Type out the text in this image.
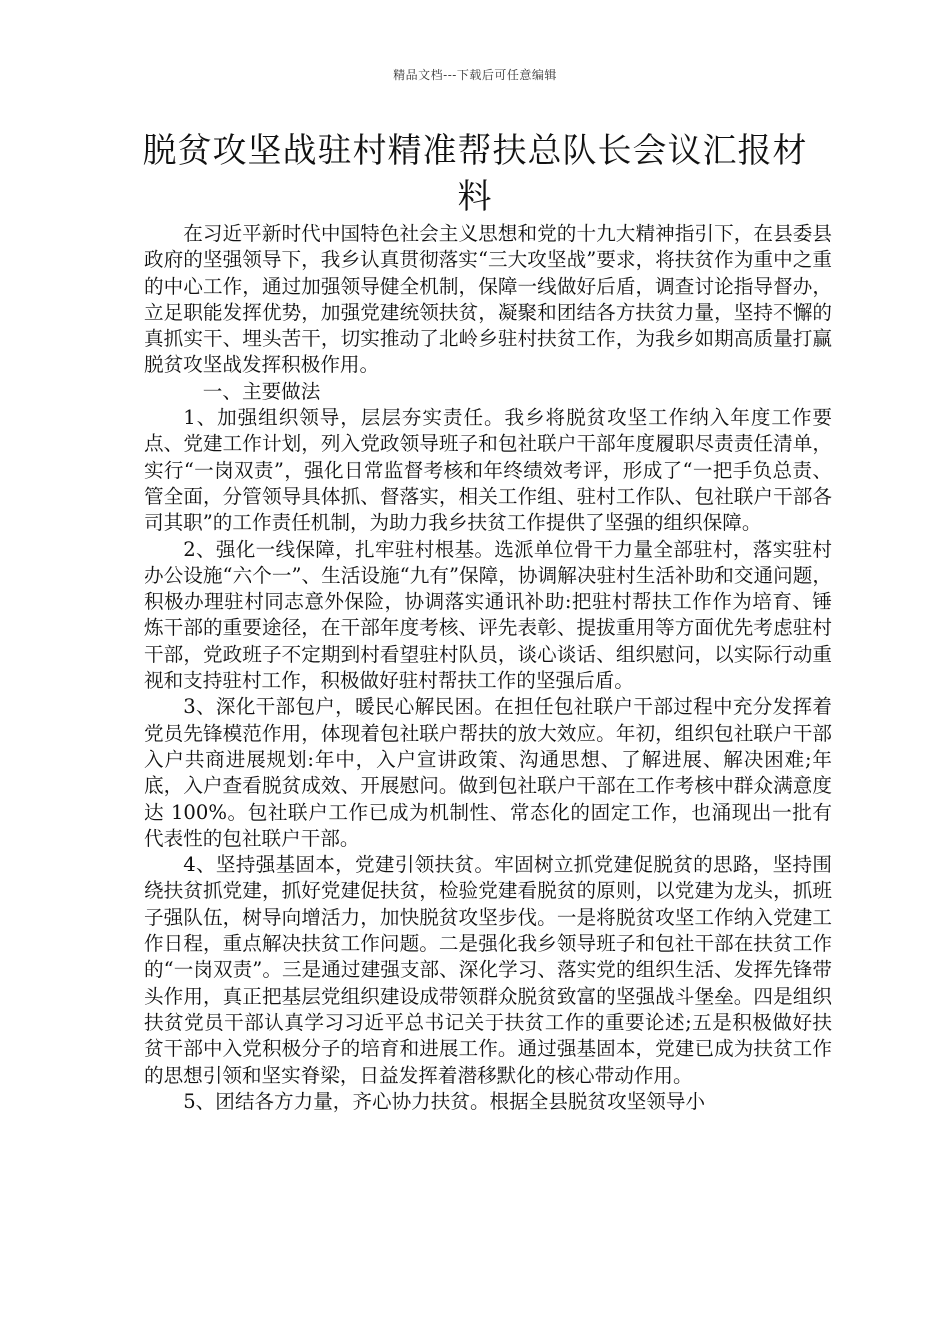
精品文档---下载后可任意编辑
脱贫攻坚战驻村精准帮扶总队长会议汇报材料

在习近平新时代中国特色社会主义思想和党的十九大精神指引下，在县委县政府的坚强领导下，我乡认真贯彻落实“三大攻坚战”要求，将扶贫作为重中之重的中心工作，通过加强领导健全机制，保障一线做好后盾，调查讨论指导督办，立足职能发挥优势，加强党建统领扶贫，凝聚和团结各方扶贫力量，坚持不懈的真抓实干、埋头苦干，切实推动了北岭乡驻村扶贫工作，为我乡如期高质量打赢脱贫攻坚战发挥积极作用。

一、主要做法

1、加强组织领导，层层夯实责任。我乡将脱贫攻坚工作纳入年度工作要点、党建工作计划，列入党政领导班子和包社联户干部年度履职尽责责任清单，实行“一岗双责”，强化日常监督考核和年终绩效考评，形成了“一把手负总责、管全面，分管领导具体抓、督落实，相关工作组、驻村工作队、包社联户干部各司其职”的工作责任机制，为助力我乡扶贫工作提供了坚强的组织保障。

2、强化一线保障，扎牢驻村根基。选派单位骨干力量全部驻村，落实驻村办公设施“六个一”、生活设施“九有”保障，协调解决驻村生活补助和交通问题，积极办理驻村同志意外保险，协调落实通讯补助:把驻村帮扶工作作为培育、锤炼干部的重要途径，在干部年度考核、评先表彰、提拔重用等方面优先考虑驻村干部，党政班子不定期到村看望驻村队员，谈心谈话、组织慰问，以实际行动重视和支持驻村工作，积极做好驻村帮扶工作的坚强后盾。

3、深化干部包户，暖民心解民困。在担任包社联户干部过程中充分发挥着党员先锋模范作用，体现着包社联户帮扶的放大效应。年初，组织包社联户干部入户共商进展规划:年中，入户宣讲政策、沟通思想、了解进展、解决困难;年底，入户查看脱贫成效、开展慰问。做到包社联户干部在工作考核中群众满意度达 100%。包社联户工作已成为机制性、常态化的固定工作，也涌现出一批有代表性的包社联户干部。

4、坚持强基固本，党建引领扶贫。牢固树立抓党建促脱贫的思路，坚持围绕扶贫抓党建，抓好党建促扶贫，检验党建看脱贫的原则，以党建为龙头，抓班子强队伍，树导向增活力，加快脱贫攻坚步伐。一是将脱贫攻坚工作纳入党建工作日程，重点解决扶贫工作问题。二是强化我乡领导班子和包社干部在扶贫工作的“一岗双责”。三是通过建强支部、深化学习、落实党的组织生活、发挥先锋带头作用，真正把基层党组织建设成带领群众脱贫致富的坚强战斗堡垒。四是组织扶贫党员干部认真学习习近平总书记关于扶贫工作的重要论述;五是积极做好扶贫干部中入党积极分子的培育和进展工作。通过强基固本，党建已成为扶贫工作的思想引领和坚实脊梁，日益发挥着潜移默化的核心带动作用。

5、团结各方力量，齐心协力扶贫。根据全县脱贫攻坚领导小
